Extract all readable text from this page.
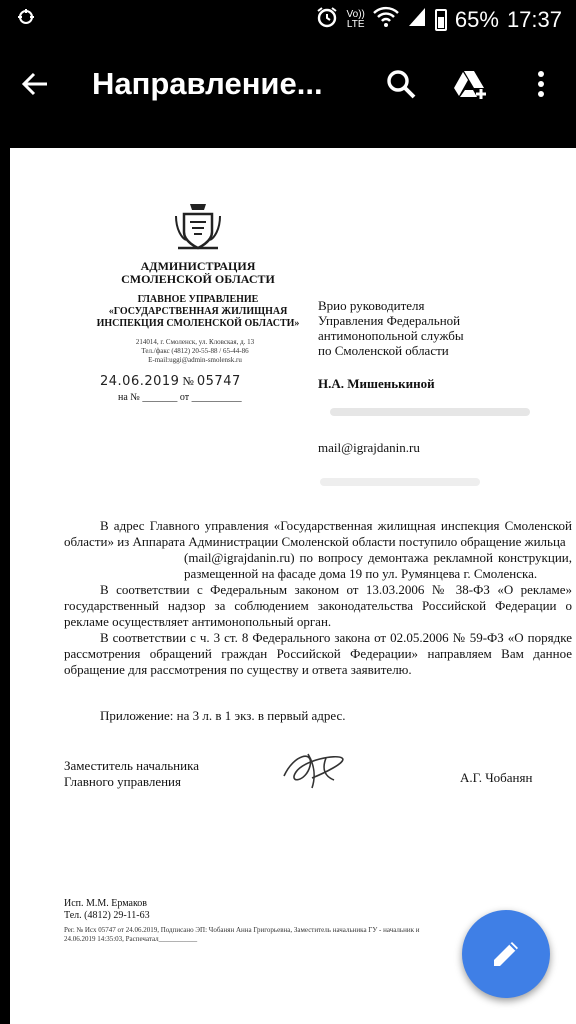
Vo))
LTE	65% 17:37
Направление...
АДМИНИСТРАЦИЯ
СМОЛЕНСКОЙ ОБЛАСТИ
ГЛАВНОЕ УПРАВЛЕНИЕ
«ГОСУДАРСТВЕННАЯ ЖИЛИЩНАЯ
ИНСПЕКЦИЯ СМОЛЕНСКОЙ ОБЛАСТИ»
214014, г. Смоленск, ул. Кловская, д. 13
Тел./факс (4812) 20-55-88 / 65-44-86
E-mail:uggi@admin-smolensk.ru
24.06.2019 № 05747
на № _______ от __________
Врио руководителя
Управления Федеральной
антимонопольной службы
по Смоленской области
Н.А. Мишенькиной
mail@igrajdanin.ru

В адрес Главного управления «Государственная жилищная инспекция Смоленской области» из Аппарата Администрации Смоленской области поступило обращение жильца

(mail@igrajdanin.ru) по вопросу демонтажа рекламной конструкции, размещенной на фасаде дома 19 по ул. Румянцева г. Смоленска.

В соответствии с Федеральным законом от 13.03.2006 № 38-ФЗ «О рекламе» государственный надзор за соблюдением законодательства Российской Федерации о рекламе осуществляет антимонопольный орган.

В соответствии с ч. 3 ст. 8 Федерального закона от 02.05.2006 № 59-ФЗ «О порядке рассмотрения обращений граждан Российской Федерации» направляем Вам данное обращение для рассмотрения по существу и ответа заявителю.

Приложение: на 3 л. в 1 экз. в первый адрес.
Заместитель начальника
Главного управления	А.Г. Чобанян
Исп. М.М. Ермаков
Тел. (4812) 29-11-63
Рег. № Исх 05747 от 24.06.2019, Подписано ЭП: Чобанян Анна Григорьевна, Заместитель начальника ГУ - начальник и
24.06.2019 14:35:03, Распечатал___________
